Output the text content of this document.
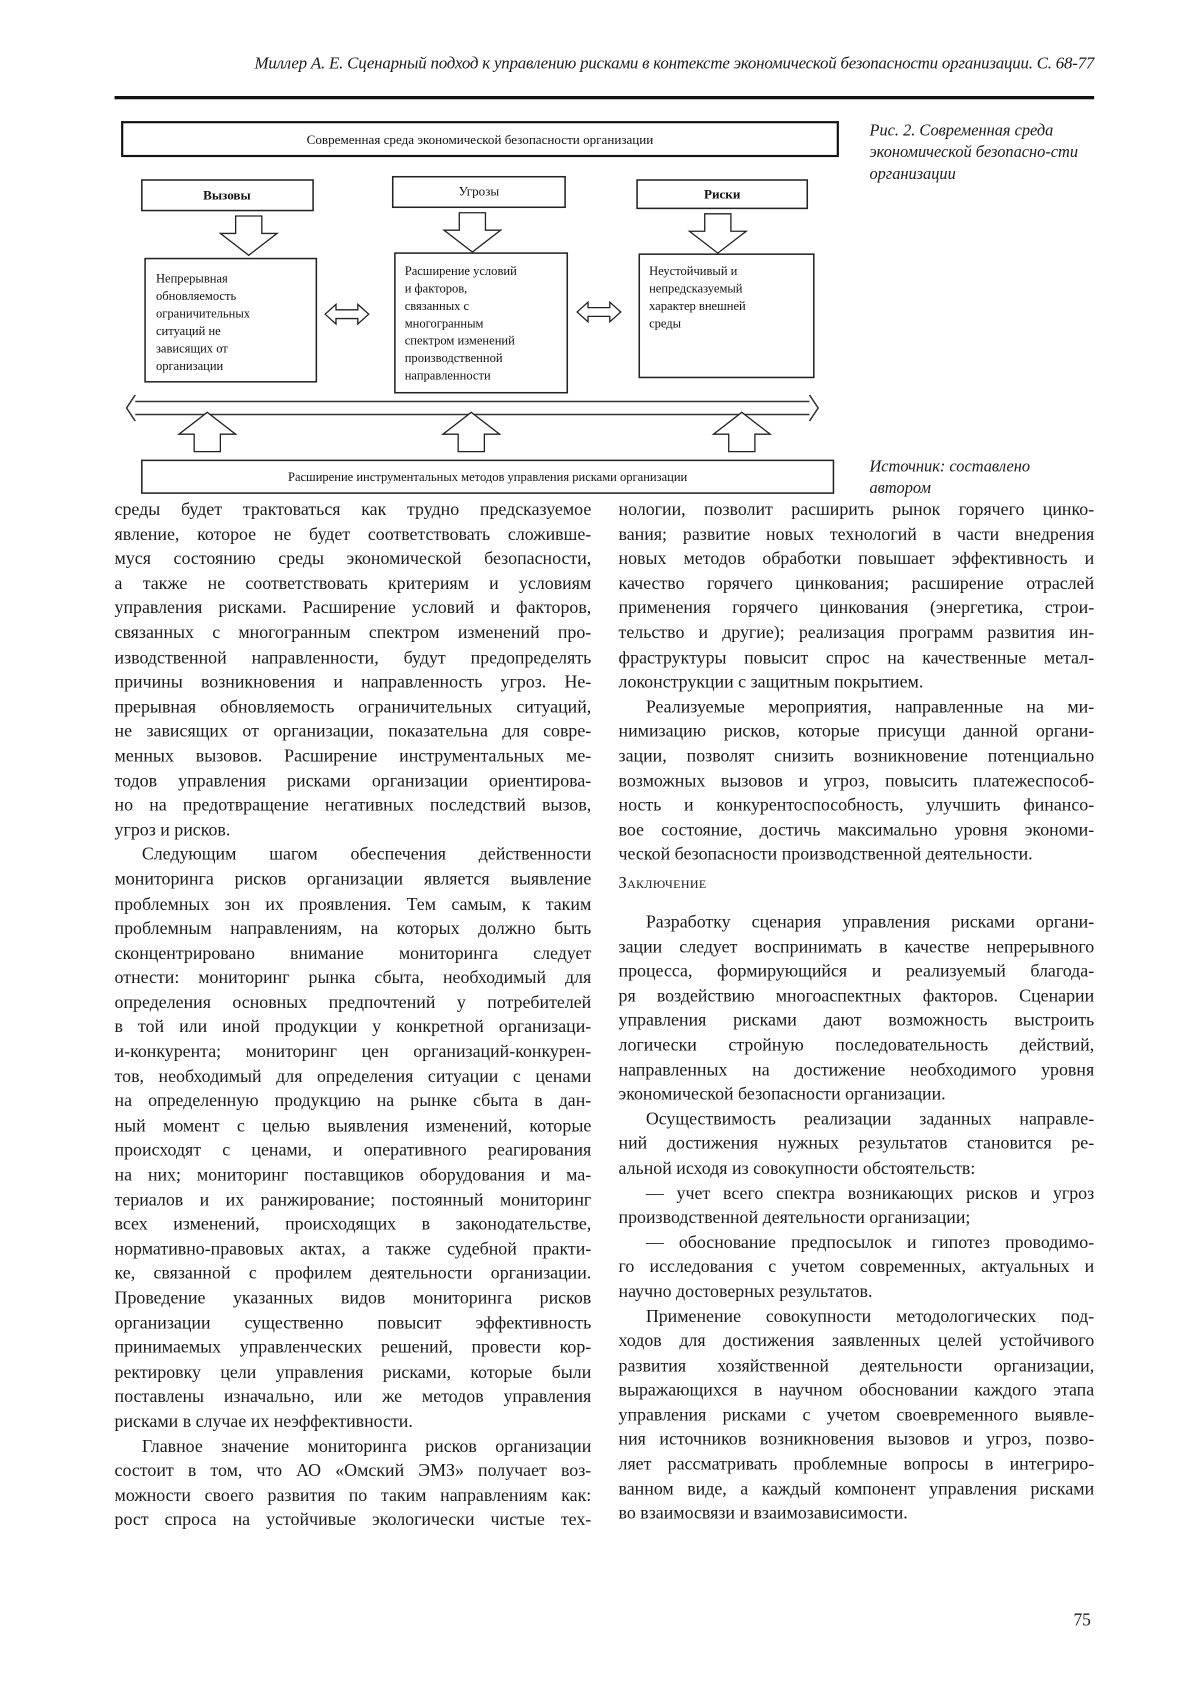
Миллер А. Е. Сценарный подход к управлению рисками в контексте экономической безопасности организации. С. 68-77
Современная среда экономической безопасности организации
Вызовы	Угрозы	Риски
Непрерывная обновляемость ограничительных ситуаций не зависящих от организации
Расширение условий и факторов, связанных с многогранным спектром изменений производственной направленности
Неустойчивый и непредсказуемый характер внешней среды
Расширение инструментальных методов управления рисками организации
Рис. 2. Современная среда экономической безопасно-сти организации
Источник: составлено автором
среды будет трактоваться как трудно предсказуемое
явление, которое не будет соответствовать сложивше-
муся состоянию среды экономической безопасности,
а также не соответствовать критериям и условиям
управления рисками. Расширение условий и факторов,
связанных с многогранным спектром изменений про-
изводственной направленности, будут предопределять
причины возникновения и направленность угроз. Не-
прерывная обновляемость ограничительных ситуаций,
не зависящих от организации, показательна для совре-
менных вызовов. Расширение инструментальных ме-
тодов управления рисками организации ориентирова-
но на предотвращение негативных последствий вызов,
угроз и рисков.
Следующим шагом обеспечения действенности
мониторинга рисков организации является выявление
проблемных зон их проявления. Тем самым, к таким
проблемным направлениям, на которых должно быть
сконцентрировано внимание мониторинга следует
отнести: мониторинг рынка сбыта, необходимый для
определения основных предпочтений у потребителей
в той или иной продукции у конкретной организаци-
и-конкурента; мониторинг цен организаций-конкурен-
тов, необходимый для определения ситуации с ценами
на определенную продукцию на рынке сбыта в дан-
ный момент с целью выявления изменений, которые
происходят с ценами, и оперативного реагирования
на них; мониторинг поставщиков оборудования и ма-
териалов и их ранжирование; постоянный мониторинг
всех изменений, происходящих в законодательстве,
нормативно-правовых актах, а также судебной практи-
ке, связанной с профилем деятельности организации.
Проведение указанных видов мониторинга рисков
организации существенно повысит эффективность
принимаемых управленческих решений, провести кор-
ректировку цели управления рисками, которые были
поставлены изначально, или же методов управления
рисками в случае их неэффективности.
Главное значение мониторинга рисков организации
состоит в том, что АО «Омский ЭМЗ» получает воз-
можности своего развития по таким направлениям как:
рост спроса на устойчивые экологически чистые тех-
нологии, позволит расширить рынок горячего цинко-
вания; развитие новых технологий в части внедрения
новых методов обработки повышает эффективность и
качество горячего цинкования; расширение отраслей
применения горячего цинкования (энергетика, строи-
тельство и другие); реализация программ развития ин-
фраструктуры повысит спрос на качественные метал-
локонструкции с защитным покрытием.
Реализуемые мероприятия, направленные на ми-
нимизацию рисков, которые присущи данной органи-
зации, позволят снизить возникновение потенциально
возможных вызовов и угроз, повысить платежеспособ-
ность и конкурентоспособность, улучшить финансо-
вое состояние, достичь максимально уровня экономи-
ческой безопасности производственной деятельности.
Заключение
Разработку сценария управления рисками органи-
зации следует воспринимать в качестве непрерывного
процесса, формирующийся и реализуемый благода-
ря воздействию многоаспектных факторов. Сценарии
управления рисками дают возможность выстроить
логически стройную последовательность действий,
направленных на достижение необходимого уровня
экономической безопасности организации.
Осуществимость реализации заданных направле-
ний достижения нужных результатов становится ре-
альной исходя из совокупности обстоятельств:
— учет всего спектра возникающих рисков и угроз
производственной деятельности организации;
— обоснование предпосылок и гипотез проводимо-
го исследования с учетом современных, актуальных и
научно достоверных результатов.
Применение совокупности методологических под-
ходов для достижения заявленных целей устойчивого
развития хозяйственной деятельности организации,
выражающихся в научном обосновании каждого этапа
управления рисками с учетом своевременного выявле-
ния источников возникновения вызовов и угроз, позво-
ляет рассматривать проблемные вопросы в интегриро-
ванном виде, а каждый компонент управления рисками
во взаимосвязи и взаимозависимости.
75
